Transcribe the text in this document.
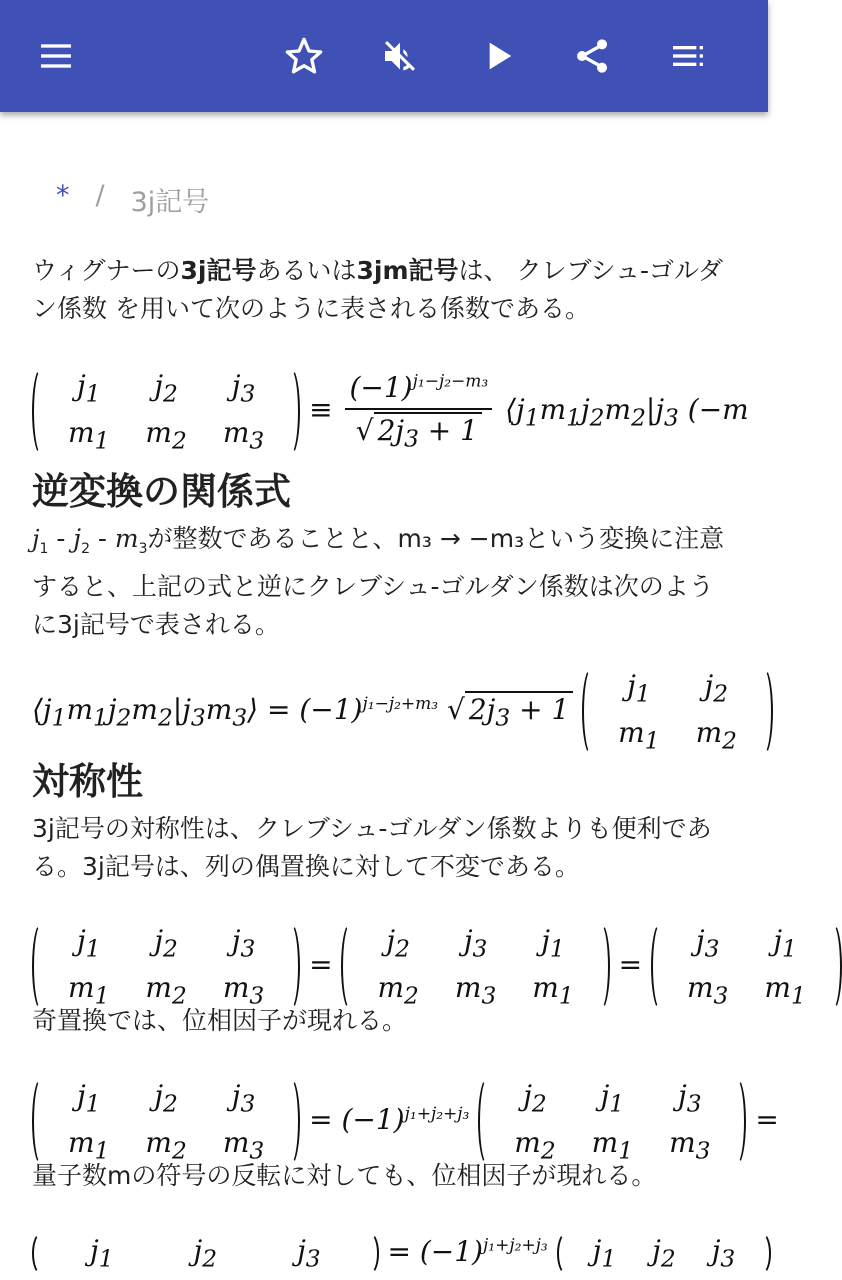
* / 3j記号

ウィグナーの3j記号あるいは3jm記号は、 クレブシュ-ゴルダン係数 を用いて次のように表される係数である。

$j_1$	$j_2$	$j_3$
$m_1$	$m_2$	$m_3$
≡ $\frac{(-1)^{j_1-j_2-m_3}}{√ 2j_3 + 1}$ $⟨j_1m_1j_2m_2|j_3$ (−m
逆変換の関係式

$j_1 - j_2 - m_3$が整数であることと、m₃ → −m₃という変換に注意すると、上記の式と逆にクレブシュ-ゴルダン係数は次のように3j記号で表される。

$⟨j_1m_1j_2m_2|j_3m_3⟩ = (-1)^{j_1-j_2+m_3}$ √ $2j_3 + 1$
$j_1$	$j_2$
$m_1$	$m_2$
対称性

3j記号の対称性は、クレブシュ-ゴルダン係数よりも便利である。3j記号は、列の偶置換に対して不変である。

$j_1$	$j_2$	$j_3$
$m_1$	$m_2$	$m_3$
=
$j_2$	$j_3$	$j_1$
$m_2$	$m_3$	$m_1$
=
$j_3$	$j_1$
$m_3$	$m_1$

奇置換では、位相因子が現れる。

$j_1$	$j_2$	$j_3$
$m_1$	$m_2$	$m_3$
= $(-1)^{j_1+j_2+j_3}$
$j_2$	$j_1$	$j_3$
$m_2$	$m_1$	$m_3$
=

量子数mの符号の反転に対しても、位相因子が現れる。

$j_1$	$j_2$	$j_3 = (-1)^{j_1+j_2+j_3}$ $j_1$	$j_2$	$j_3$
